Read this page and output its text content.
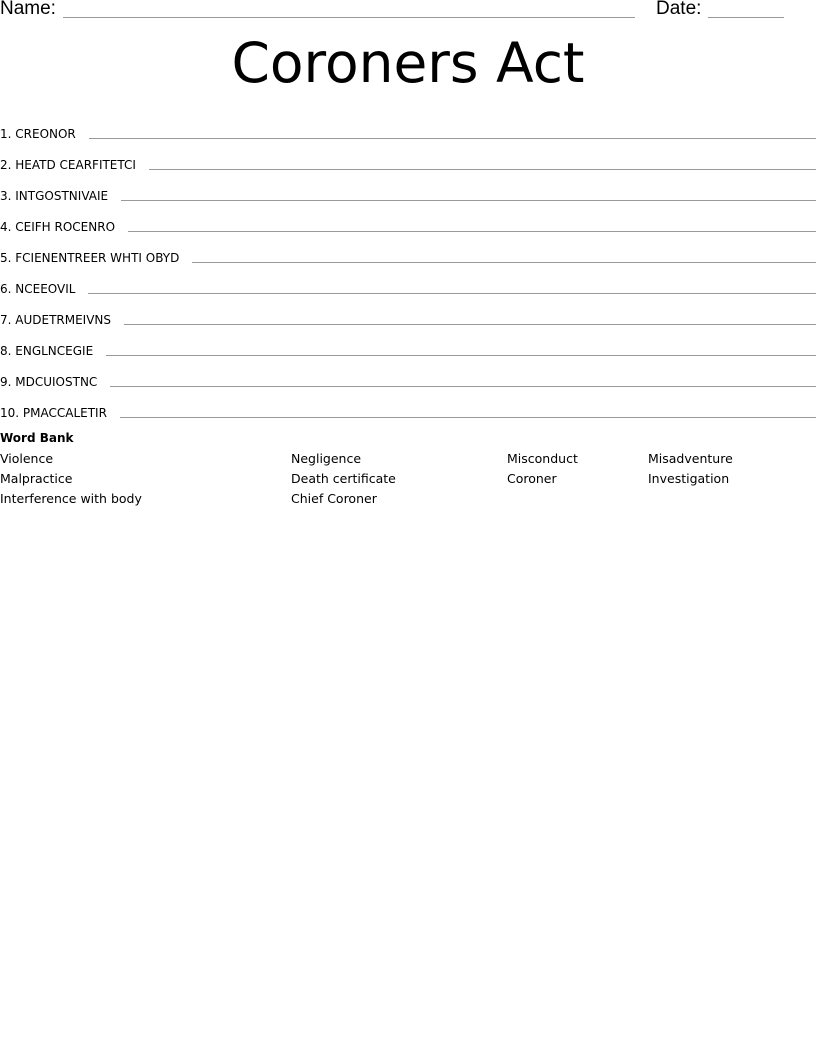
Name:	Date:
Coroners Act
1. CREONOR
2. HEATD CEARFITETCI
3. INTGOSTNIVAIE
4. CEIFH ROCENRO
5. FCIENENTREER WHTI OBYD
6. NCEEOVIL
7. AUDETRMEIVNS
8. ENGLNCEGIE
9. MDCUIOSTNC
10. PMACCALETIR
Word Bank
Violence	Negligence	Misconduct	Misadventure
Malpractice	Death certificate	Coroner	Investigation
Interference with body	Chief Coroner
